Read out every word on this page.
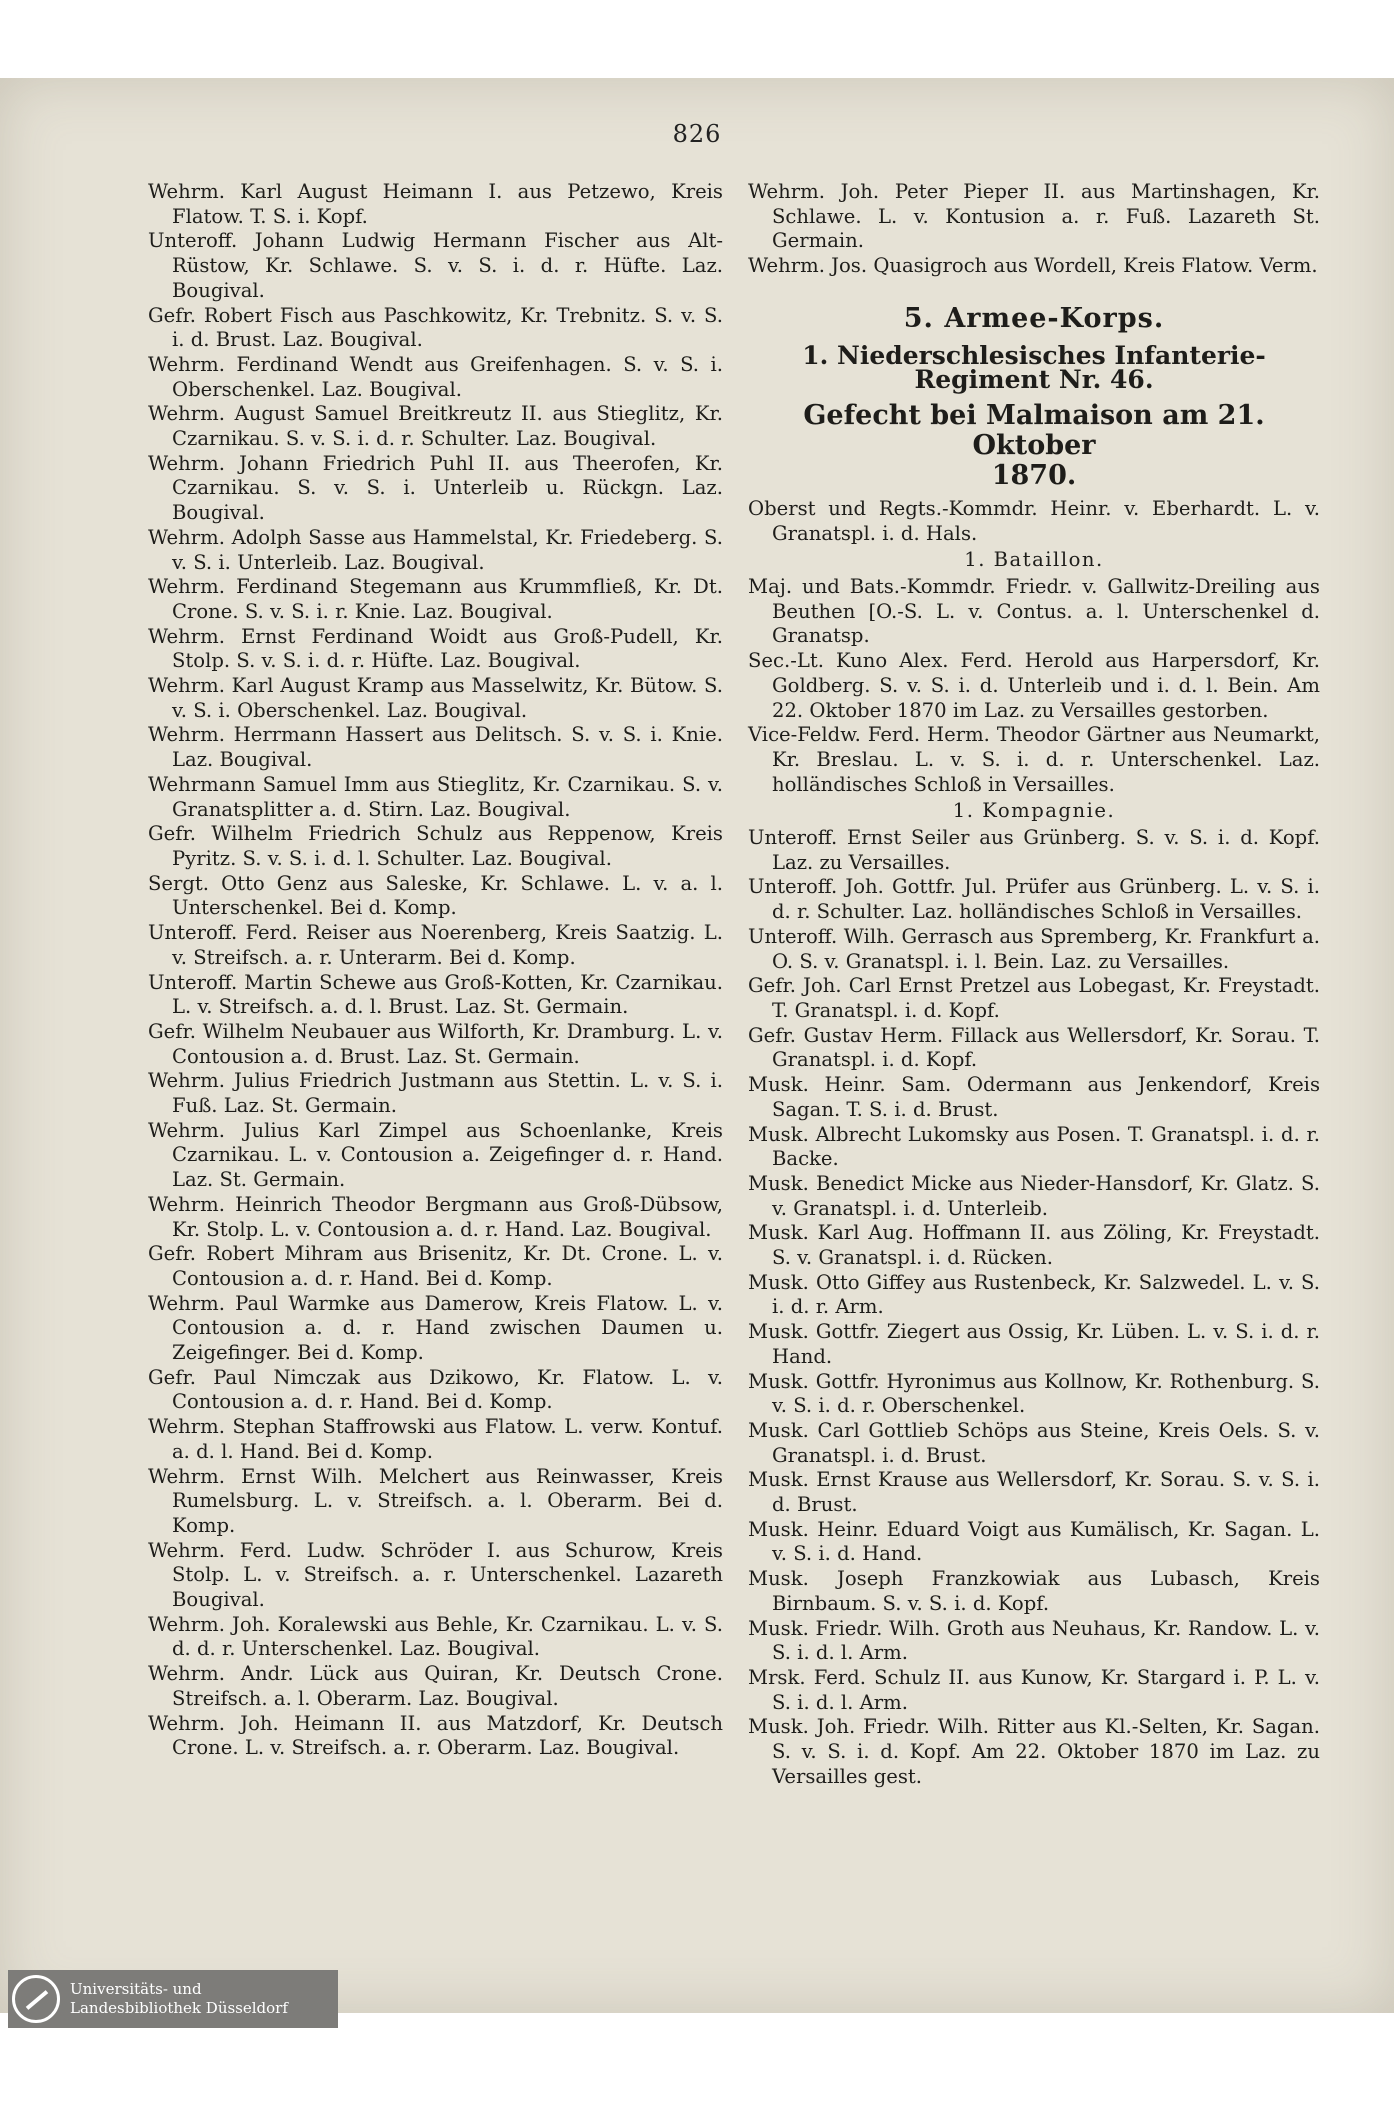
826
Wehrm. Karl August Heimann I. aus Petzewo, Kreis Flatow. T. S. i. Kopf.
Unteroff. Johann Ludwig Hermann Fischer aus Alt-Rüstow, Kr. Schlawe. S. v. S. i. d. r. Hüfte. Laz. Bougival.
Gefr. Robert Fisch aus Paschkowitz, Kr. Trebnitz. S. v. S. i. d. Brust. Laz. Bougival.
Wehrm. Ferdinand Wendt aus Greifenhagen. S. v. S. i. Oberschenkel. Laz. Bougival.
Wehrm. August Samuel Breitkreutz II. aus Stieglitz, Kr. Czarnikau. S. v. S. i. d. r. Schulter. Laz. Bougival.
Wehrm. Johann Friedrich Puhl II. aus Theerofen, Kr. Czarnikau. S. v. S. i. Unterleib u. Rückgn. Laz. Bougival.
Wehrm. Adolph Sasse aus Hammelstal, Kr. Friedeberg. S. v. S. i. Unterleib. Laz. Bougival.
Wehrm. Ferdinand Stegemann aus Krummfließ, Kr. Dt. Crone. S. v. S. i. r. Knie. Laz. Bougival.
Wehrm. Ernst Ferdinand Woidt aus Groß-Pudell, Kr. Stolp. S. v. S. i. d. r. Hüfte. Laz. Bougival.
Wehrm. Karl August Kramp aus Masselwitz, Kr. Bütow. S. v. S. i. Oberschenkel. Laz. Bougival.
Wehrm. Herrmann Hassert aus Delitsch. S. v. S. i. Knie. Laz. Bougival.
Wehrmann Samuel Imm aus Stieglitz, Kr. Czarnikau. S. v. Granatsplitter a. d. Stirn. Laz. Bougival.
Gefr. Wilhelm Friedrich Schulz aus Reppenow, Kreis Pyritz. S. v. S. i. d. l. Schulter. Laz. Bougival.
Sergt. Otto Genz aus Saleske, Kr. Schlawe. L. v. a. l. Unterschenkel. Bei d. Komp.
Unteroff. Ferd. Reiser aus Noerenberg, Kreis Saatzig. L. v. Streifsch. a. r. Unterarm. Bei d. Komp.
Unteroff. Martin Schewe aus Groß-Kotten, Kr. Czarnikau. L. v. Streifsch. a. d. l. Brust. Laz. St. Germain.
Gefr. Wilhelm Neubauer aus Wilforth, Kr. Dramburg. L. v. Contousion a. d. Brust. Laz. St. Germain.
Wehrm. Julius Friedrich Justmann aus Stettin. L. v. S. i. Fuß. Laz. St. Germain.
Wehrm. Julius Karl Zimpel aus Schoenlanke, Kreis Czarnikau. L. v. Contousion a. Zeigefinger d. r. Hand. Laz. St. Germain.
Wehrm. Heinrich Theodor Bergmann aus Groß-Dübsow, Kr. Stolp. L. v. Contousion a. d. r. Hand. Laz. Bougival.
Gefr. Robert Mihram aus Brisenitz, Kr. Dt. Crone. L. v. Contousion a. d. r. Hand. Bei d. Komp.
Wehrm. Paul Warmke aus Damerow, Kreis Flatow. L. v. Contousion a. d. r. Hand zwischen Daumen u. Zeigefinger. Bei d. Komp.
Gefr. Paul Nimczak aus Dzikowo, Kr. Flatow. L. v. Contousion a. d. r. Hand. Bei d. Komp.
Wehrm. Stephan Staffrowski aus Flatow. L. verw. Kontuf. a. d. l. Hand. Bei d. Komp.
Wehrm. Ernst Wilh. Melchert aus Reinwasser, Kreis Rumelsburg. L. v. Streifsch. a. l. Oberarm. Bei d. Komp.
Wehrm. Ferd. Ludw. Schröder I. aus Schurow, Kreis Stolp. L. v. Streifsch. a. r. Unterschenkel. Lazareth Bougival.
Wehrm. Joh. Koralewski aus Behle, Kr. Czarnikau. L. v. S. d. d. r. Unterschenkel. Laz. Bougival.
Wehrm. Andr. Lück aus Quiran, Kr. Deutsch Crone. Streifsch. a. l. Oberarm. Laz. Bougival.
Wehrm. Joh. Heimann II. aus Matzdorf, Kr. Deutsch Crone. L. v. Streifsch. a. r. Oberarm. Laz. Bougival.
Wehrm. Joh. Peter Pieper II. aus Martinshagen, Kr. Schlawe. L. v. Kontusion a. r. Fuß. Lazareth St. Germain.
Wehrm. Jos. Quasigroch aus Wordell, Kreis Flatow. Verm.
5. Armee-Korps.
1. Niederschlesisches Infanterie-Regiment Nr. 46.
Gefecht bei Malmaison am 21. Oktober
1870.
Oberst und Regts.-Kommdr. Heinr. v. Eberhardt. L. v. Granatspl. i. d. Hals.
1. Bataillon.
Maj. und Bats.-Kommdr. Friedr. v. Gallwitz-Dreiling aus Beuthen [O.-S. L. v. Contus. a. l. Unterschenkel d. Granatsp.
Sec.-Lt. Kuno Alex. Ferd. Herold aus Harpersdorf, Kr. Goldberg. S. v. S. i. d. Unterleib und i. d. l. Bein. Am 22. Oktober 1870 im Laz. zu Versailles gestorben.
Vice-Feldw. Ferd. Herm. Theodor Gärtner aus Neumarkt, Kr. Breslau. L. v. S. i. d. r. Unterschenkel. Laz. holländisches Schloß in Versailles.
1. Kompagnie.
Unteroff. Ernst Seiler aus Grünberg. S. v. S. i. d. Kopf. Laz. zu Versailles.
Unteroff. Joh. Gottfr. Jul. Prüfer aus Grünberg. L. v. S. i. d. r. Schulter. Laz. holländisches Schloß in Versailles.
Unteroff. Wilh. Gerrasch aus Spremberg, Kr. Frankfurt a. O. S. v. Granatspl. i. l. Bein. Laz. zu Versailles.
Gefr. Joh. Carl Ernst Pretzel aus Lobegast, Kr. Freystadt. T. Granatspl. i. d. Kopf.
Gefr. Gustav Herm. Fillack aus Wellersdorf, Kr. Sorau. T. Granatspl. i. d. Kopf.
Musk. Heinr. Sam. Odermann aus Jenkendorf, Kreis Sagan. T. S. i. d. Brust.
Musk. Albrecht Lukomsky aus Posen. T. Granatspl. i. d. r. Backe.
Musk. Benedict Micke aus Nieder-Hansdorf, Kr. Glatz. S. v. Granatspl. i. d. Unterleib.
Musk. Karl Aug. Hoffmann II. aus Zöling, Kr. Freystadt. S. v. Granatspl. i. d. Rücken.
Musk. Otto Giffey aus Rustenbeck, Kr. Salzwedel. L. v. S. i. d. r. Arm.
Musk. Gottfr. Ziegert aus Ossig, Kr. Lüben. L. v. S. i. d. r. Hand.
Musk. Gottfr. Hyronimus aus Kollnow, Kr. Rothenburg. S. v. S. i. d. r. Oberschenkel.
Musk. Carl Gottlieb Schöps aus Steine, Kreis Oels. S. v. Granatspl. i. d. Brust.
Musk. Ernst Krause aus Wellersdorf, Kr. Sorau. S. v. S. i. d. Brust.
Musk. Heinr. Eduard Voigt aus Kumälisch, Kr. Sagan. L. v. S. i. d. Hand.
Musk. Joseph Franzkowiak aus Lubasch, Kreis Birnbaum. S. v. S. i. d. Kopf.
Musk. Friedr. Wilh. Groth aus Neuhaus, Kr. Randow. L. v. S. i. d. l. Arm.
Mrsk. Ferd. Schulz II. aus Kunow, Kr. Stargard i. P. L. v. S. i. d. l. Arm.
Musk. Joh. Friedr. Wilh. Ritter aus Kl.-Selten, Kr. Sagan. S. v. S. i. d. Kopf. Am 22. Oktober 1870 im Laz. zu Versailles gest.
Universitäts- und
Landesbibliothek Düsseldorf
